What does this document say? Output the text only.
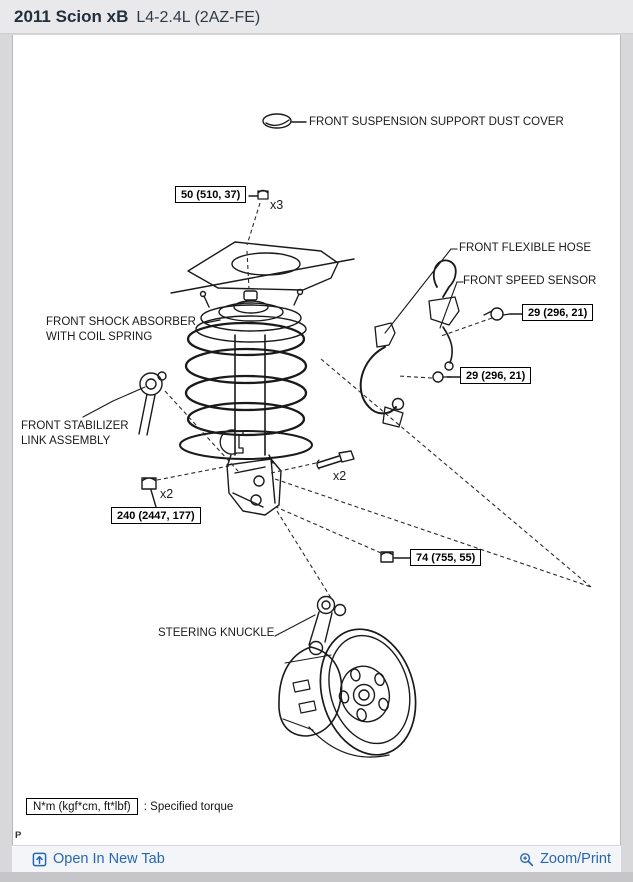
2011 Scion xB L4-2.4L (2AZ-FE)
FRONT SUSPENSION SUPPORT DUST COVER
FRONT FLEXIBLE HOSE
FRONT SPEED SENSOR
FRONT SHOCK ABSORBER
WITH COIL SPRING
FRONT STABILIZER
LINK ASSEMBLY
STEERING KNUCKLE
50 (510, 37)
29 (296, 21)
29 (296, 21)
240 (2447, 177)
74 (755, 55)
x3
x2
x2
N*m (kgf*cm, ft*lbf)	: Specified torque
P
Open In New Tab	Zoom/Print
